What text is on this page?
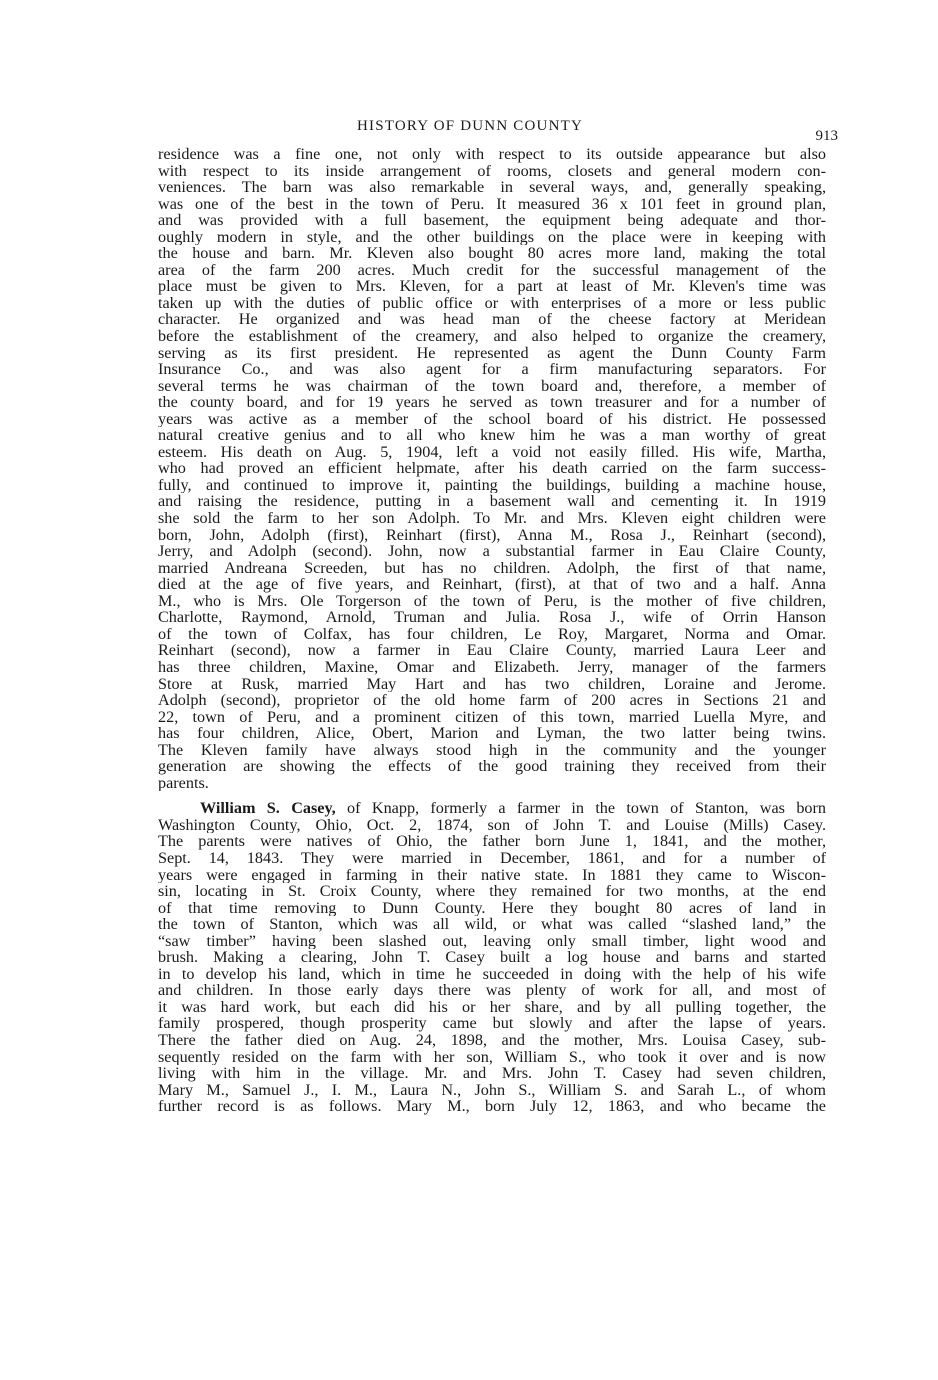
HISTORY OF DUNN COUNTY
913
residence was a fine one, not only with respect to its outside appearance but also
with respect to its inside arrangement of rooms, closets and general modern con-
veniences. The barn was also remarkable in several ways, and, generally speaking,
was one of the best in the town of Peru. It measured 36 x 101 feet in ground plan,
and was provided with a full basement, the equipment being adequate and thor-
oughly modern in style, and the other buildings on the place were in keeping with
the house and barn. Mr. Kleven also bought 80 acres more land, making the total
area of the farm 200 acres. Much credit for the successful management of the
place must be given to Mrs. Kleven, for a part at least of Mr. Kleven's time was
taken up with the duties of public office or with enterprises of a more or less public
character. He organized and was head man of the cheese factory at Meridean
before the establishment of the creamery, and also helped to organize the creamery,
serving as its first president. He represented as agent the Dunn County Farm
Insurance Co., and was also agent for a firm manufacturing separators. For
several terms he was chairman of the town board and, therefore, a member of
the county board, and for 19 years he served as town treasurer and for a number of
years was active as a member of the school board of his district. He possessed
natural creative genius and to all who knew him he was a man worthy of great
esteem. His death on Aug. 5, 1904, left a void not easily filled. His wife, Martha,
who had proved an efficient helpmate, after his death carried on the farm success-
fully, and continued to improve it, painting the buildings, building a machine house,
and raising the residence, putting in a basement wall and cementing it. In 1919
she sold the farm to her son Adolph. To Mr. and Mrs. Kleven eight children were
born, John, Adolph (first), Reinhart (first), Anna M., Rosa J., Reinhart (second),
Jerry, and Adolph (second). John, now a substantial farmer in Eau Claire County,
married Andreana Screeden, but has no children. Adolph, the first of that name,
died at the age of five years, and Reinhart, (first), at that of two and a half. Anna
M., who is Mrs. Ole Torgerson of the town of Peru, is the mother of five children,
Charlotte, Raymond, Arnold, Truman and Julia. Rosa J., wife of Orrin Hanson
of the town of Colfax, has four children, Le Roy, Margaret, Norma and Omar.
Reinhart (second), now a farmer in Eau Claire County, married Laura Leer and
has three children, Maxine, Omar and Elizabeth. Jerry, manager of the farmers
Store at Rusk, married May Hart and has two children, Loraine and Jerome.
Adolph (second), proprietor of the old home farm of 200 acres in Sections 21 and
22, town of Peru, and a prominent citizen of this town, married Luella Myre, and
has four children, Alice, Obert, Marion and Lyman, the two latter being twins.
The Kleven family have always stood high in the community and the younger
generation are showing the effects of the good training they received from their
parents.
William S. Casey, of Knapp, formerly a farmer in the town of Stanton, was born
Washington County, Ohio, Oct. 2, 1874, son of John T. and Louise (Mills) Casey.
The parents were natives of Ohio, the father born June 1, 1841, and the mother,
Sept. 14, 1843. They were married in December, 1861, and for a number of
years were engaged in farming in their native state. In 1881 they came to Wiscon-
sin, locating in St. Croix County, where they remained for two months, at the end
of that time removing to Dunn County. Here they bought 80 acres of land in
the town of Stanton, which was all wild, or what was called “slashed land,” the
“saw timber” having been slashed out, leaving only small timber, light wood and
brush. Making a clearing, John T. Casey built a log house and barns and started
in to develop his land, which in time he succeeded in doing with the help of his wife
and children. In those early days there was plenty of work for all, and most of
it was hard work, but each did his or her share, and by all pulling together, the
family prospered, though prosperity came but slowly and after the lapse of years.
There the father died on Aug. 24, 1898, and the mother, Mrs. Louisa Casey, sub-
sequently resided on the farm with her son, William S., who took it over and is now
living with him in the village. Mr. and Mrs. John T. Casey had seven children,
Mary M., Samuel J., I. M., Laura N., John S., William S. and Sarah L., of whom
further record is as follows. Mary M., born July 12, 1863, and who became the
